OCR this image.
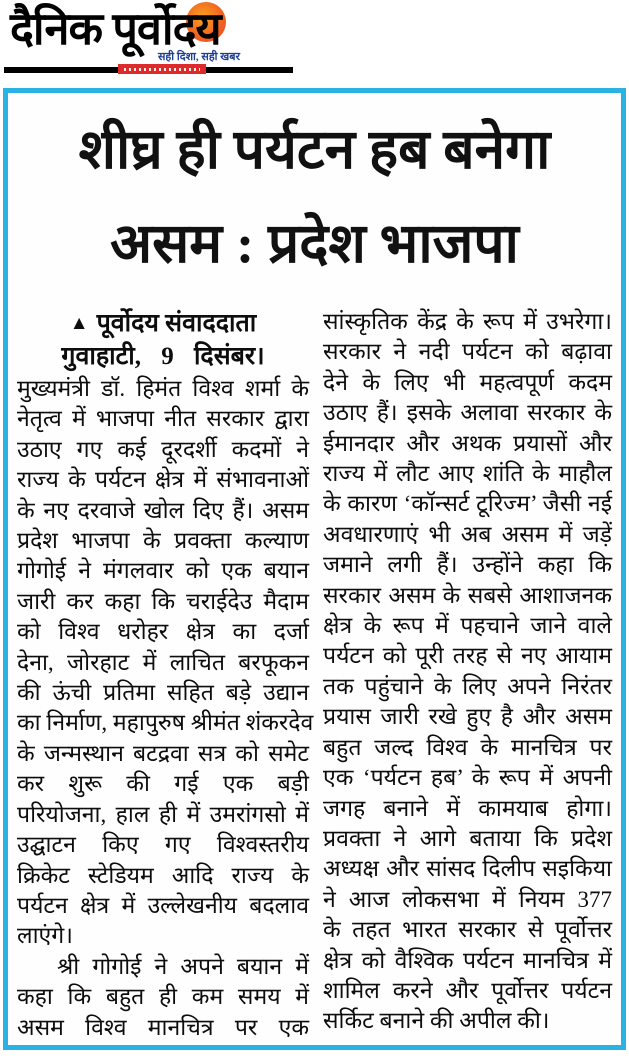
दैनिक पूर्वोदय
सही दिशा, सही खबर
शीघ्र ही पर्यटन हब बनेगा
असम : प्रदेश भाजपा
▲ पूर्वोदय संवाददाता
गुवाहाटी, 9 दिसंबर।
मुख्यमंत्री डॉ. हिमंत विश्व शर्मा के
नेतृत्व में भाजपा नीत सरकार द्वारा
उठाए गए कई दूरदर्शी कदमों ने
राज्य के पर्यटन क्षेत्र में संभावनाओं
के नए दरवाजे खोल दिए हैं। असम
प्रदेश भाजपा के प्रवक्ता कल्याण
गोगोई ने मंगलवार को एक बयान
जारी कर कहा कि चराईदेउ मैदाम
को विश्व धरोहर क्षेत्र का दर्जा
देना, जोरहाट में लाचित बरफूकन
की ऊंची प्रतिमा सहित बड़े उद्यान
का निर्माण, महापुरुष श्रीमंत शंकरदेव
के जन्मस्थान बटद्रवा सत्र को समेट
कर शुरू की गई एक बड़ी
परियोजना, हाल ही में उमरांगसो में
उद्घाटन किए गए विश्वस्तरीय
क्रिकेट स्टेडियम आदि राज्य के
पर्यटन क्षेत्र में उल्लेखनीय बदलाव
लाएंगे।
श्री गोगोई ने अपने बयान में
कहा कि बहुत ही कम समय में
असम विश्व मानचित्र पर एक
सांस्कृतिक केंद्र के रूप में उभरेगा।
सरकार ने नदी पर्यटन को बढ़ावा
देने के लिए भी महत्वपूर्ण कदम
उठाए हैं। इसके अलावा सरकार के
ईमानदार और अथक प्रयासों और
राज्य में लौट आए शांति के माहौल
के कारण ‘कॉन्सर्ट टूरिज्म’ जैसी नई
अवधारणाएं भी अब असम में जड़ें
जमाने लगी हैं। उन्होंने कहा कि
सरकार असम के सबसे आशाजनक
क्षेत्र के रूप में पहचाने जाने वाले
पर्यटन को पूरी तरह से नए आयाम
तक पहुंचाने के लिए अपने निरंतर
प्रयास जारी रखे हुए है और असम
बहुत जल्द विश्व के मानचित्र पर
एक ‘पर्यटन हब’ के रूप में अपनी
जगह बनाने में कामयाब होगा।
प्रवक्ता ने आगे बताया कि प्रदेश
अध्यक्ष और सांसद दिलीप सइकिया
ने आज लोकसभा में नियम 377
के तहत भारत सरकार से पूर्वोत्तर
क्षेत्र को वैश्विक पर्यटन मानचित्र में
शामिल करने और पूर्वोत्तर पर्यटन
सर्किट बनाने की अपील की।
